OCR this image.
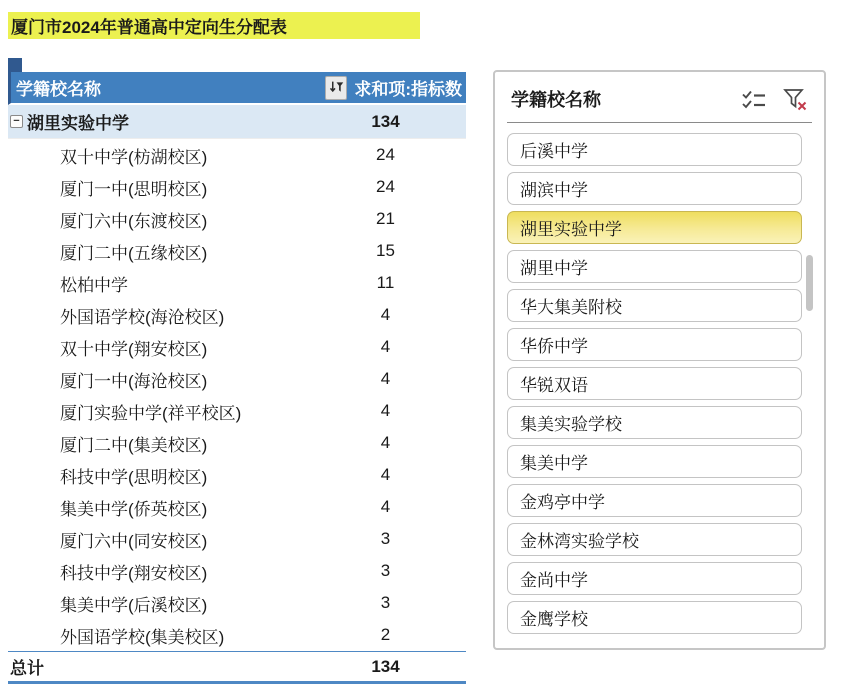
厦门市2024年普通高中定向生分配表
学籍校名称	求和项:指标数
− 湖里实验中学	134
双十中学(枋湖校区)	24
厦门一中(思明校区)	24
厦门六中(东渡校区)	21
厦门二中(五缘校区)	15
松柏中学	11
外国语学校(海沧校区)	4
双十中学(翔安校区)	4
厦门一中(海沧校区)	4
厦门实验中学(祥平校区)	4
厦门二中(集美校区)	4
科技中学(思明校区)	4
集美中学(侨英校区)	4
厦门六中(同安校区)	3
科技中学(翔安校区)	3
集美中学(后溪校区)	3
外国语学校(集美校区)	2
总计	134
学籍校名称
后溪中学
湖滨中学
湖里实验中学
湖里中学
华大集美附校
华侨中学
华锐双语
集美实验学校
集美中学
金鸡亭中学
金林湾实验学校
金尚中学
金鹰学校
